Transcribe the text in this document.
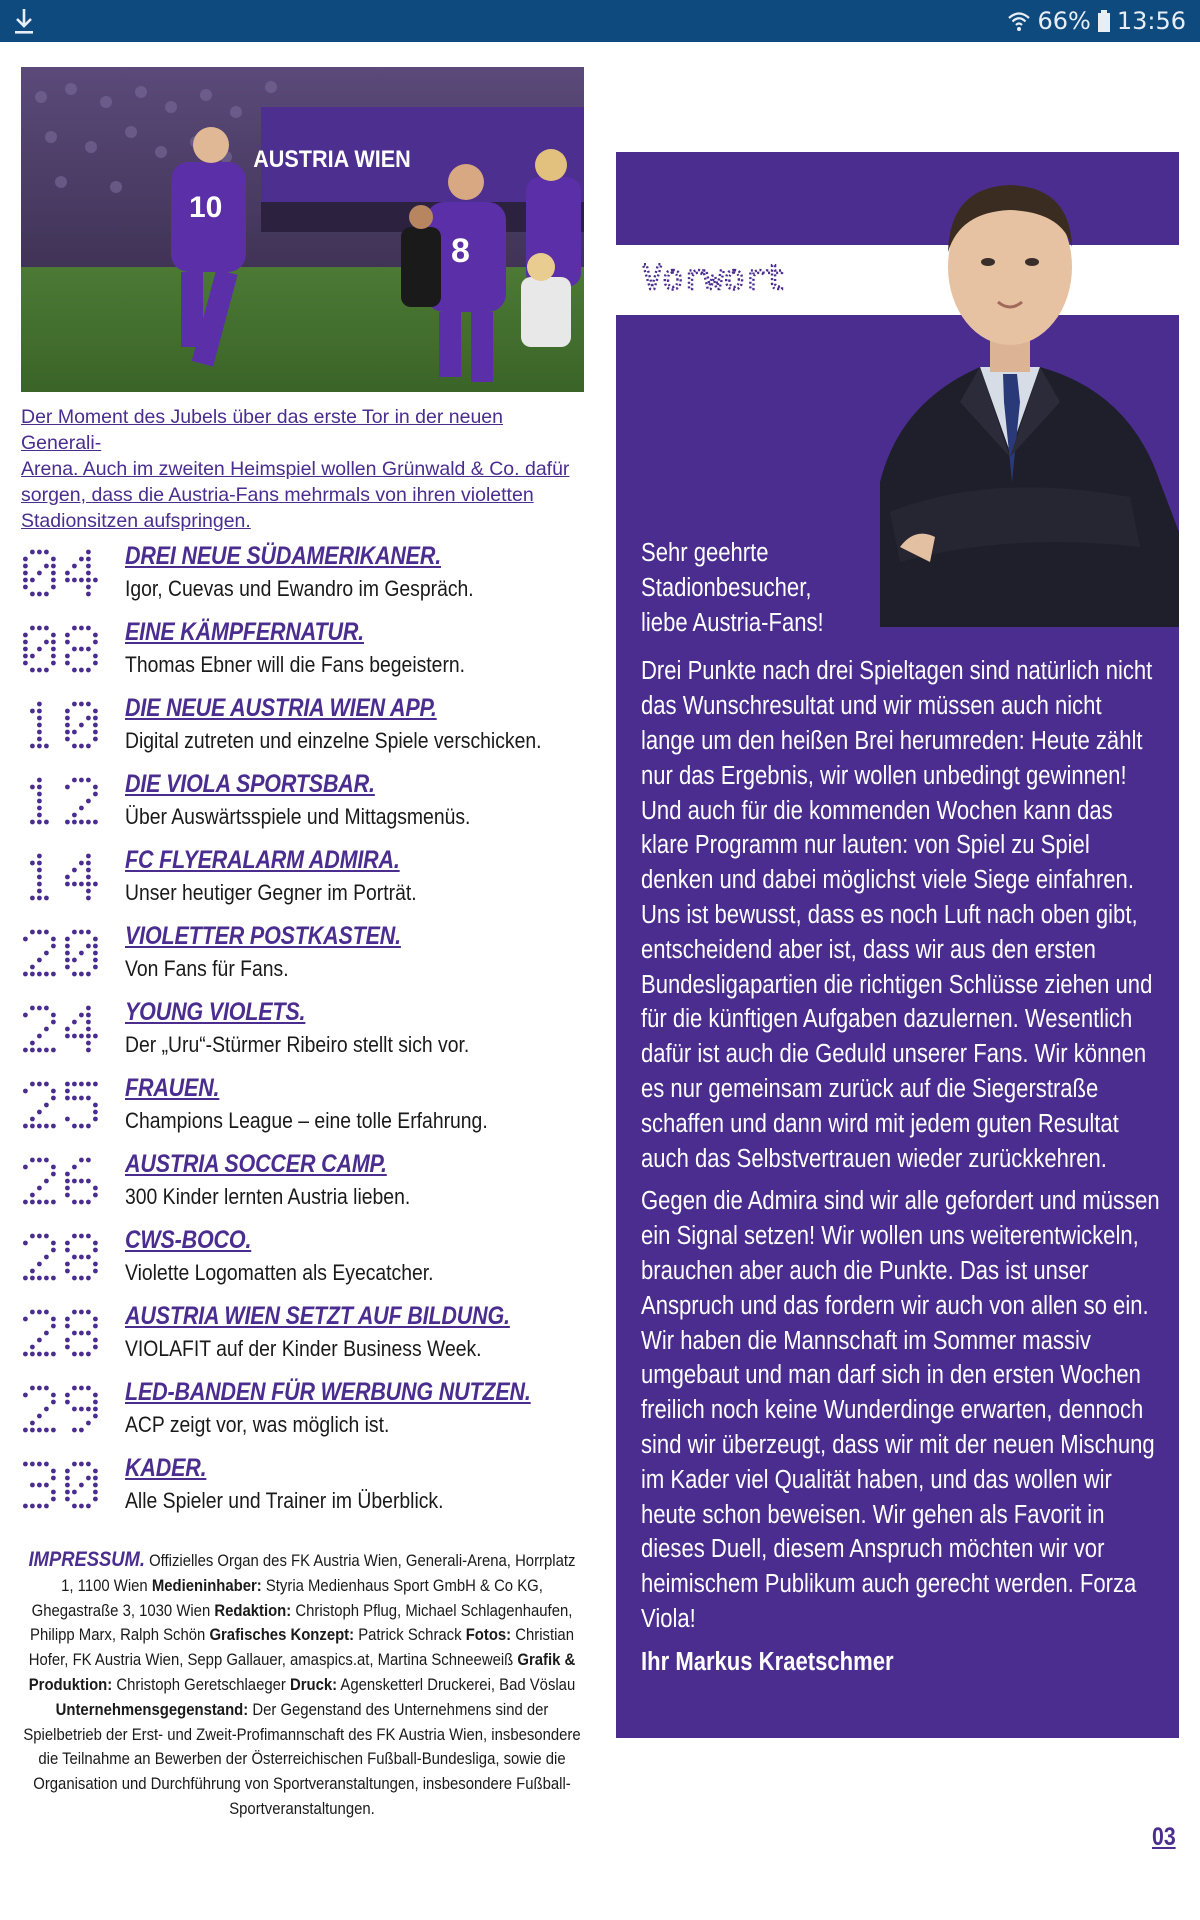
66% 13:56
AUSTRIA WIEN
10
8
Der Moment des Jubels über das erste Tor in der neuen Generali-
Arena. Auch im zweiten Heimspiel wollen Grünwald & Co. dafür
sorgen, dass die Austria-Fans mehrmals von ihren violetten
Stadionsitzen aufspringen.
DREI NEUE SÜDAMERIKANER.
Igor, Cuevas und Ewandro im Gespräch.
EINE KÄMPFERNATUR.
Thomas Ebner will die Fans begeistern.
DIE NEUE AUSTRIA WIEN APP.
Digital zutreten und einzelne Spiele verschicken.
DIE VIOLA SPORTSBAR.
Über Auswärtsspiele und Mittagsmenüs.
FC FLYERALARM ADMIRA.
Unser heutiger Gegner im Porträt.
VIOLETTER POSTKASTEN.
Von Fans für Fans.
YOUNG VIOLETS.
Der „Uru“-Stürmer Ribeiro stellt sich vor.
FRAUEN.
Champions League – eine tolle Erfahrung.
AUSTRIA SOCCER CAMP.
300 Kinder lernten Austria lieben.
CWS-BOCO.
Violette Logomatten als Eyecatcher.
AUSTRIA WIEN SETZT AUF BILDUNG.
VIOLAFIT auf der Kinder Business Week.
LED-BANDEN FÜR WERBUNG NUTZEN.
ACP zeigt vor, was möglich ist.
KADER.
Alle Spieler und Trainer im Überblick.
IMPRESSUM. Offizielles Organ des FK Austria Wien, Generali-Arena, Horrplatz 1, 1100 Wien Medieninhaber: Styria Medienhaus Sport GmbH & Co KG, Ghegastraße 3, 1030 Wien Redaktion: Christoph Pflug, Michael Schlagenhaufen, Philipp Marx, Ralph Schön Grafisches Konzept: Patrick Schrack Fotos: Christian Hofer, FK Austria Wien, Sepp Gallauer, amaspics.at, Martina Schneeweiß Grafik & Produktion: Christoph Geretschlaeger Druck: Agensketterl Druckerei, Bad Vöslau Unternehmensgegenstand: Der Gegenstand des Unternehmens sind der Spielbetrieb der Erst- und Zweit-Profimannschaft des FK Austria Wien, insbesondere die Teilnahme an Bewerben der Österreichischen Fußball-Bundesliga, sowie die Organisation und Durchführung von Sportveranstaltungen, insbesondere Fußball-Sportveranstaltungen.
Vorwort

Sehr geehrte
Stadionbesucher,
liebe Austria-Fans!

Drei Punkte nach drei Spieltagen sind natürlich nicht das Wunschresultat und wir müssen auch nicht lange um den heißen Brei herumreden: Heute zählt nur das Ergebnis, wir wollen unbedingt gewinnen! Und auch für die kommenden Wochen kann das klare Programm nur lauten: von Spiel zu Spiel denken und dabei möglichst viele Siege einfahren. Uns ist bewusst, dass es noch Luft nach oben gibt, entscheidend aber ist, dass wir aus den ersten Bundesligapartien die richtigen Schlüsse ziehen und für die künftigen Aufgaben dazulernen. Wesentlich dafür ist auch die Geduld unserer Fans. Wir können es nur gemeinsam zurück auf die Siegerstraße schaffen und dann wird mit jedem guten Resultat auch das Selbstvertrauen wieder zurückkehren.

Gegen die Admira sind wir alle gefordert und müssen ein Signal setzen! Wir wollen uns weiterentwickeln, brauchen aber auch die Punkte. Das ist unser Anspruch und das fordern wir auch von allen so ein. Wir haben die Mannschaft im Sommer massiv umgebaut und man darf sich in den ersten Wochen freilich noch keine Wunderdinge erwarten, dennoch sind wir überzeugt, dass wir mit der neuen Mischung im Kader viel Qualität haben, und das wollen wir heute schon beweisen. Wir gehen als Favorit in dieses Duell, diesem Anspruch möchten wir vor heimischem Publikum auch gerecht werden. Forza Viola!

Ihr Markus Kraetschmer

03
